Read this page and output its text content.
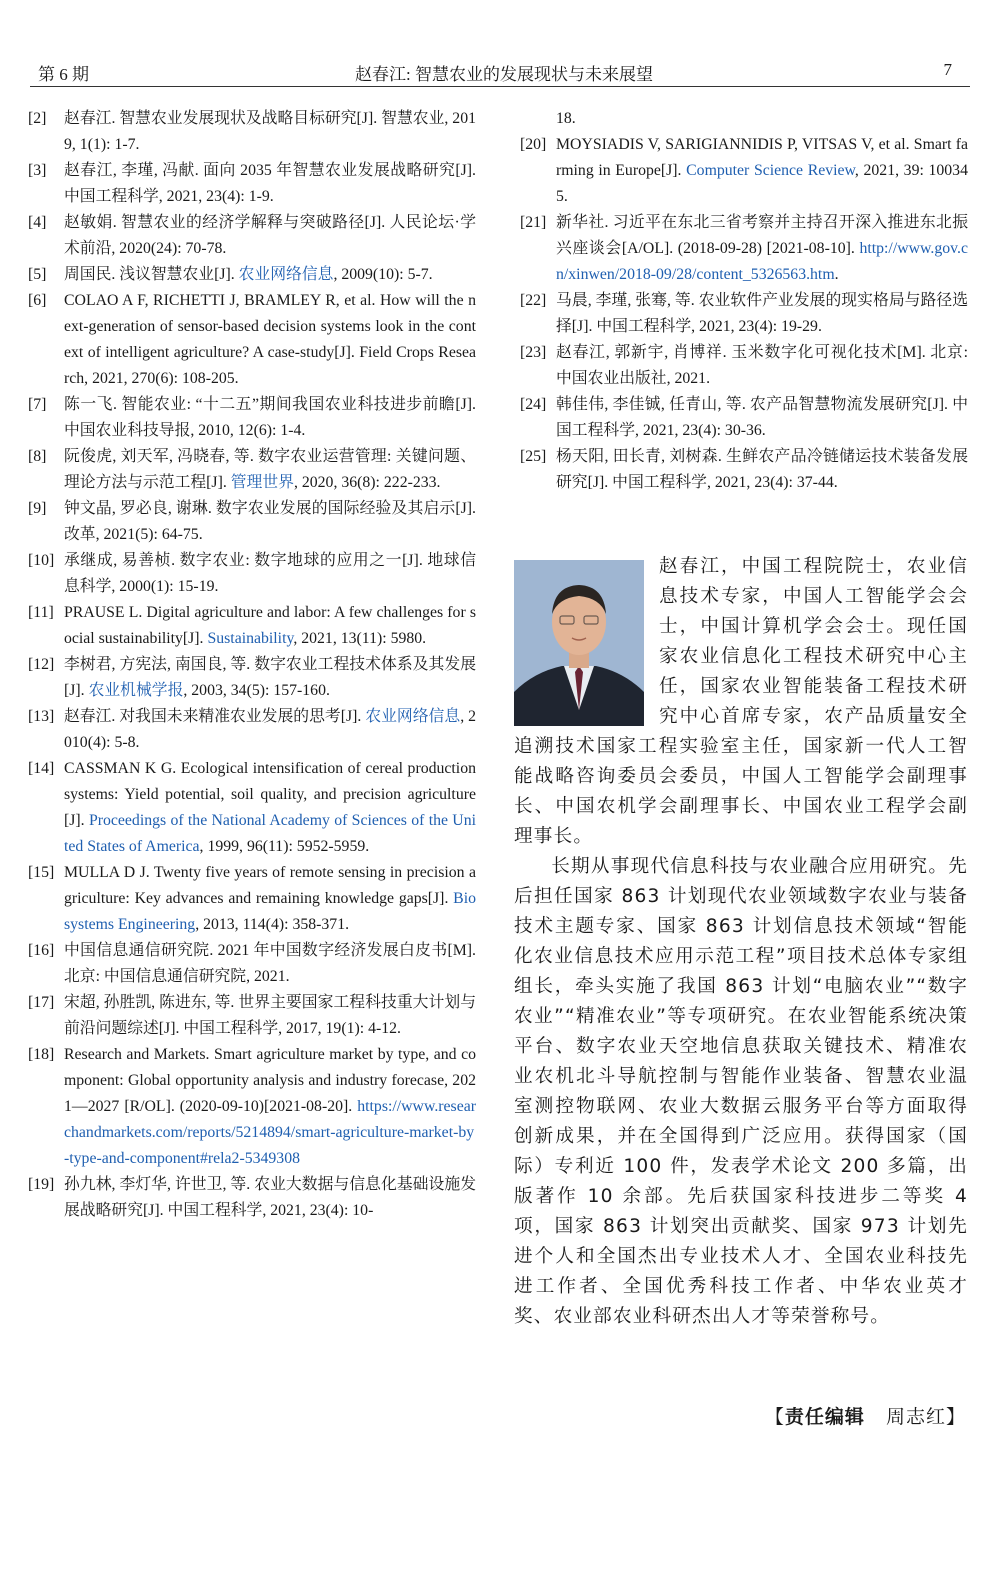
第 6 期	赵春江: 智慧农业的发展现状与未来展望	7
[2]	赵春江. 智慧农业发展现状及战略目标研究[J]. 智慧农业, 2019, 1(1): 1-7.
[3]	赵春江, 李瑾, 冯献. 面向 2035 年智慧农业发展战略研究[J]. 中国工程科学, 2021, 23(4): 1-9.
[4]	赵敏娟. 智慧农业的经济学解释与突破路径[J]. 人民论坛·学术前沿, 2020(24): 70-78.
[5]	周国民. 浅议智慧农业[J]. 农业网络信息, 2009(10): 5-7.
[6]	COLAO A F, RICHETTI J, BRAMLEY R, et al. How will the next-generation of sensor-based decision systems look in the context of intelligent agriculture? A case-study[J]. Field Crops Research, 2021, 270(6): 108-205.
[7]	陈一飞. 智能农业: “十二五”期间我国农业科技进步前瞻[J]. 中国农业科技导报, 2010, 12(6): 1-4.
[8]	阮俊虎, 刘天军, 冯晓春, 等. 数字农业运营管理: 关键问题、理论方法与示范工程[J]. 管理世界, 2020, 36(8): 222-233.
[9]	钟文晶, 罗必良, 谢琳. 数字农业发展的国际经验及其启示[J]. 改革, 2021(5): 64-75.
[10] 承继成, 易善桢. 数字农业: 数字地球的应用之一[J]. 地球信息科学, 2000(1): 15-19.
[11] PRAUSE L. Digital agriculture and labor: A few challenges for social sustainability[J]. Sustainability, 2021, 13(11): 5980.
[12] 李树君, 方宪法, 南国良, 等. 数字农业工程技术体系及其发展[J]. 农业机械学报, 2003, 34(5): 157-160.
[13] 赵春江. 对我国未来精准农业发展的思考[J]. 农业网络信息, 2010(4): 5-8.
[14] CASSMAN K G. Ecological intensification of cereal production systems: Yield potential, soil quality, and precision agriculture[J]. Proceedings of the National Academy of Sciences of the United States of America, 1999, 96(11): 5952-5959.
[15] MULLA D J. Twenty five years of remote sensing in precision agriculture: Key advances and remaining knowledge gaps[J]. Biosystems Engineering, 2013, 114(4): 358-371.
[16] 中国信息通信研究院. 2021 年中国数字经济发展白皮书[M]. 北京: 中国信息通信研究院, 2021.
[17] 宋超, 孙胜凯, 陈进东, 等. 世界主要国家工程科技重大计划与前沿问题综述[J]. 中国工程科学, 2017, 19(1): 4-12.
[18] Research and Markets. Smart agriculture market by type, and component: Global opportunity analysis and industry forecase, 2021—2027 [R/OL]. (2020-09-10)[2021-08-20]. https://www.researchandmarkets.com/reports/5214894/smart-agriculture-market-by-type-and-component#rela2-5349308
[19] 孙九林, 李灯华, 许世卫, 等. 农业大数据与信息化基础设施发展战略研究[J]. 中国工程科学, 2021, 23(4): 10-
18.
[20] MOYSIADIS V, SARIGIANNIDIS P, VITSAS V, et al. Smart farming in Europe[J]. Computer Science Review, 2021, 39: 100345.
[21] 新华社. 习近平在东北三省考察并主持召开深入推进东北振兴座谈会[A/OL]. (2018-09-28) [2021-08-10]. http://www.gov.cn/xinwen/2018-09/28/content_5326563.htm.
[22] 马晨, 李瑾, 张骞, 等. 农业软件产业发展的现实格局与路径选择[J]. 中国工程科学, 2021, 23(4): 19-29.
[23] 赵春江, 郭新宇, 肖博祥. 玉米数字化可视化技术[M]. 北京: 中国农业出版社, 2021.
[24] 韩佳伟, 李佳铖, 任青山, 等. 农产品智慧物流发展研究[J]. 中国工程科学, 2021, 23(4): 30-36.
[25] 杨天阳, 田长青, 刘树森. 生鲜农产品冷链储运技术装备发展研究[J]. 中国工程科学, 2021, 23(4): 37-44.

赵春江，中国工程院院士，农业信息技术专家，中国人工智能学会会士，中国计算机学会会士。现任国家农业信息化工程技术研究中心主任，国家农业智能装备工程技术研究中心首席专家，农产品质量安全追溯技术国家工程实验室主任，国家新一代人工智能战略咨询委员会委员，中国人工智能学会副理事长、中国农机学会副理事长、中国农业工程学会副理事长。

长期从事现代信息科技与农业融合应用研究。先后担任国家 863 计划现代农业领域数字农业与装备技术主题专家、国家 863 计划信息技术领域“智能化农业信息技术应用示范工程”项目技术总体专家组组长，牵头实施了我国 863 计划“电脑农业”“数字农业”“精准农业”等专项研究。在农业智能系统决策平台、数字农业天空地信息获取关键技术、精准农业农机北斗导航控制与智能作业装备、智慧农业温室测控物联网、农业大数据云服务平台等方面取得创新成果，并在全国得到广泛应用。获得国家（国际）专利近 100 件，发表学术论文 200 多篇，出版著作 10 余部。先后获国家科技进步二等奖 4 项，国家 863 计划突出贡献奖、国家 973 计划先进个人和全国杰出专业技术人才、全国农业科技先进工作者、全国优秀科技工作者、中华农业英才奖、农业部农业科研杰出人才等荣誉称号。

【责任编辑 周志红】
